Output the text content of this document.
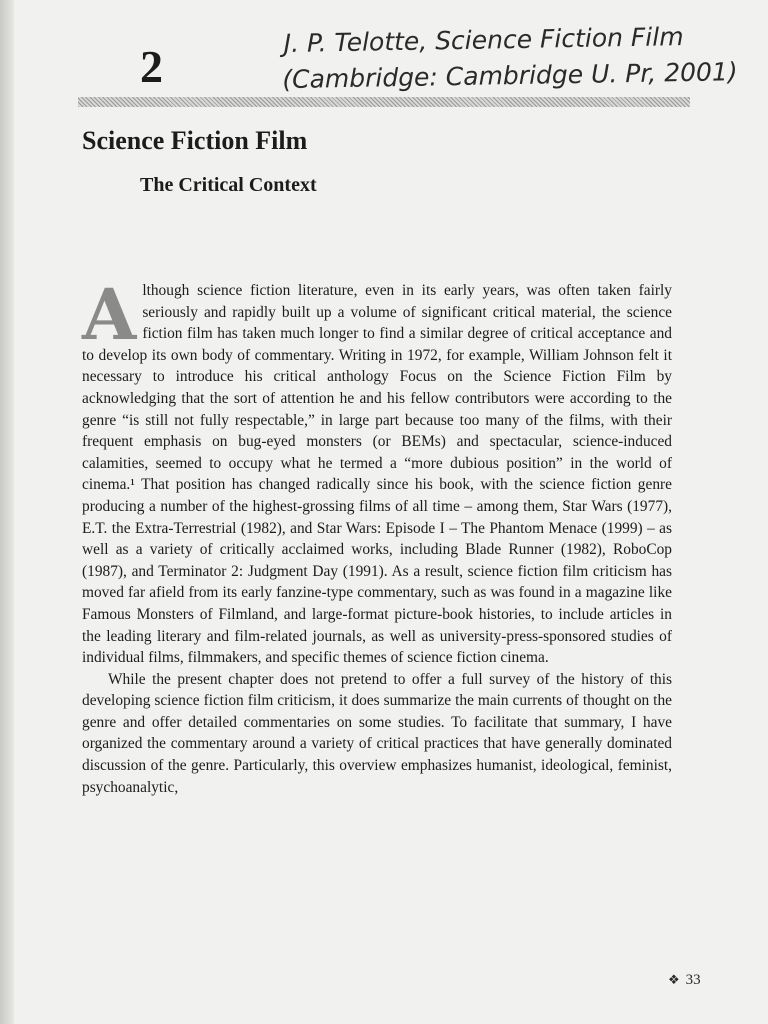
2
J. P. Telotte, Science Fiction Film
(Cambridge: Cambridge U. Pr, 2001)
Science Fiction Film
The Critical Context

Although science fiction literature, even in its early years, was often taken fairly seriously and rapidly built up a volume of significant critical material, the science fiction film has taken much longer to find a similar degree of critical acceptance and to develop its own body of commentary. Writing in 1972, for example, William Johnson felt it necessary to introduce his critical anthology Focus on the Science Fiction Film by acknowledging that the sort of attention he and his fellow contributors were according to the genre “is still not fully respectable,” in large part because too many of the films, with their frequent emphasis on bug-eyed monsters (or BEMs) and spectacular, science-induced calamities, seemed to occupy what he termed a “more dubious position” in the world of cinema.¹ That position has changed radically since his book, with the science fiction genre producing a number of the highest-grossing films of all time – among them, Star Wars (1977), E.T. the Extra-Terrestrial (1982), and Star Wars: Episode I – The Phantom Menace (1999) – as well as a variety of critically acclaimed works, including Blade Runner (1982), RoboCop (1987), and Terminator 2: Judgment Day (1991). As a result, science fiction film criticism has moved far afield from its early fanzine-type commentary, such as was found in a magazine like Famous Monsters of Filmland, and large-format picture-book histories, to include articles in the leading literary and film-related journals, as well as university-press-sponsored studies of individual films, filmmakers, and specific themes of science fiction cinema.

While the present chapter does not pretend to offer a full survey of the history of this developing science fiction film criticism, it does summarize the main currents of thought on the genre and offer detailed commentaries on some studies. To facilitate that summary, I have organized the commentary around a variety of critical practices that have generally dominated discussion of the genre. Particularly, this overview emphasizes humanist, ideological, feminist, psychoanalytic,

❖ 33
